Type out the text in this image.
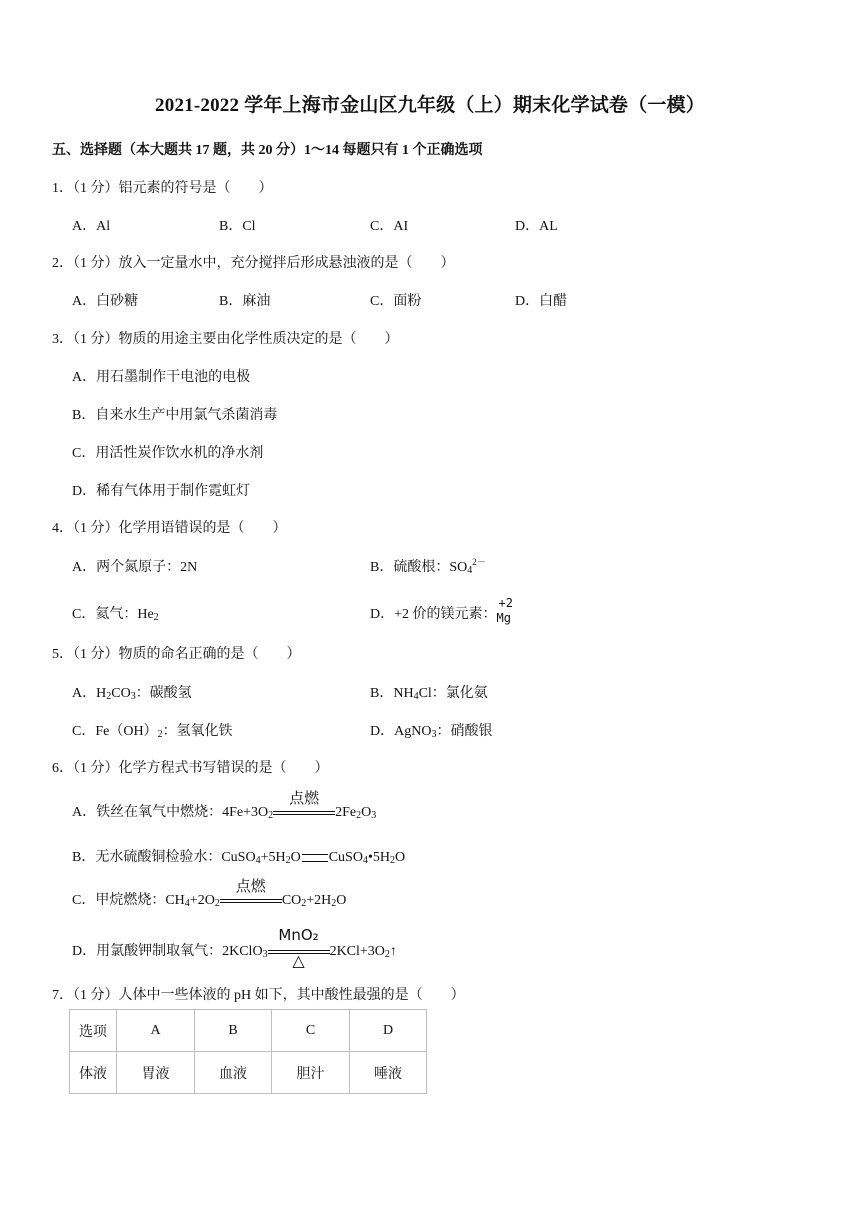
2021-2022 学年上海市金山区九年级（上）期末化学试卷（一模）
五、选择题（本大题共 17 题，共 20 分）1～14 每题只有 1 个正确选项
1．（1 分）铝元素的符号是（　　）
A．Al	B．Cl	C．AI	D．AL
2．（1 分）放入一定量水中，充分搅拌后形成悬浊液的是（　　）
A．白砂糖	B．麻油	C．面粉	D．白醋
3．（1 分）物质的用途主要由化学性质决定的是（　　）
A．用石墨制作干电池的电极
B．自来水生产中用氯气杀菌消毒
C．用活性炭作饮水机的净水剂
D．稀有气体用于制作霓虹灯
4．（1 分）化学用语错误的是（　　）
A．两个氮原子：2N	B．硫酸根：$SO_4^{2-}$
C．氦气：$He_2$	D．+2 价的镁元素：
+2
Mg
5．（1 分）物质的命名正确的是（　　）
A．$H_2CO_3$：碳酸氢	B．$NH_4Cl$：氯化氨
C．$Fe(OH)_2$：氢氧化铁	D．AgNO$_3$：硝酸银
6．（1 分）化学方程式书写错误的是（　　）
A．铁丝在氧气中燃烧：$4Fe+3O_2$
点燃
$2Fe_2O_3$
B．无水硫酸铜检验水：$CuSO_4+5H_2O$ $CuSO_4•5H_2O$
C．甲烷燃烧：$CH_4+2O_2$
点燃
$CO_2+2H_2O$
D．用氯酸钾制取氧气：2KClO$_3$
MnO₂
△	$2KCl+3O_2↑$
7．（1 分）人体中一些体液的 pH 如下，其中酸性最强的是（　　）
选项	A	B	C	D
体液	胃液	血液	胆汁	唾液
